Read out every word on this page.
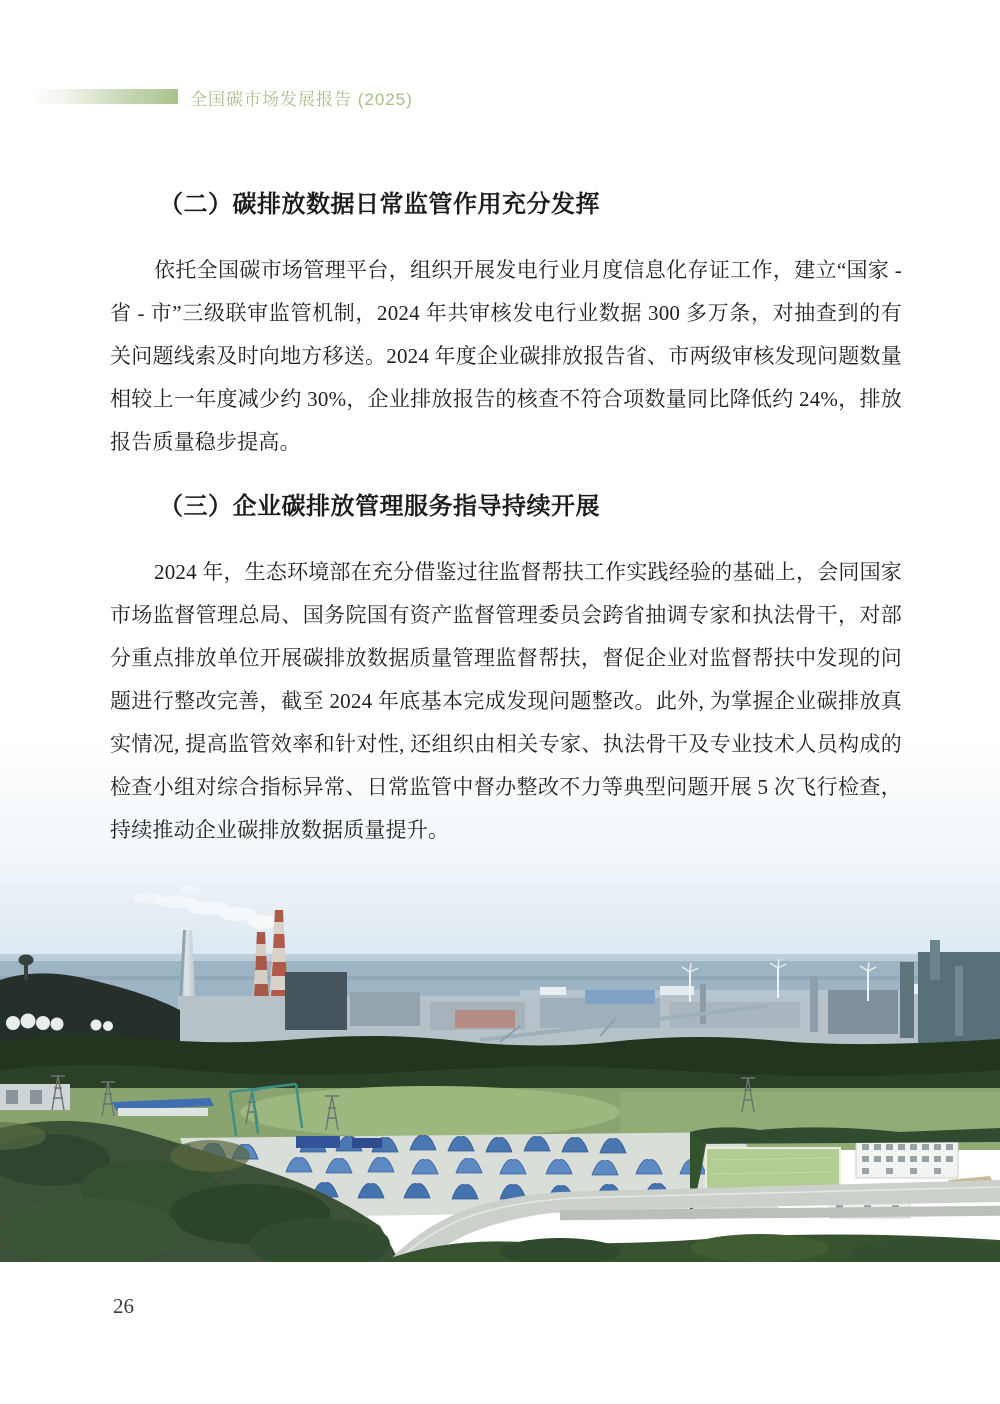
全国碳市场发展报告 (2025)
（二）碳排放数据日常监管作用充分发挥
依托全国碳市场管理平台，组织开展发电行业月度信息化存证工作，建立“国家 - 省 - 市”三级联审监管机制，2024 年共审核发电行业数据 300 多万条，对抽查到的有关问题线索及时向地方移送。2024 年度企业碳排放报告省、市两级审核发现问题数量相较上一年度减少约 30%，企业排放报告的核查不符合项数量同比降低约 24%，排放报告质量稳步提高。
（三）企业碳排放管理服务指导持续开展
2024 年，生态环境部在充分借鉴过往监督帮扶工作实践经验的基础上，会同国家市场监督管理总局、国务院国有资产监督管理委员会跨省抽调专家和执法骨干，对部分重点排放单位开展碳排放数据质量管理监督帮扶，督促企业对监督帮扶中发现的问题进行整改完善，截至 2024 年底基本完成发现问题整改。此外, 为掌握企业碳排放真实情况, 提高监管效率和针对性, 还组织由相关专家、执法骨干及专业技术人员构成的检查小组对综合指标异常、日常监管中督办整改不力等典型问题开展 5 次飞行检查，持续推动企业碳排放数据质量提升。
26
